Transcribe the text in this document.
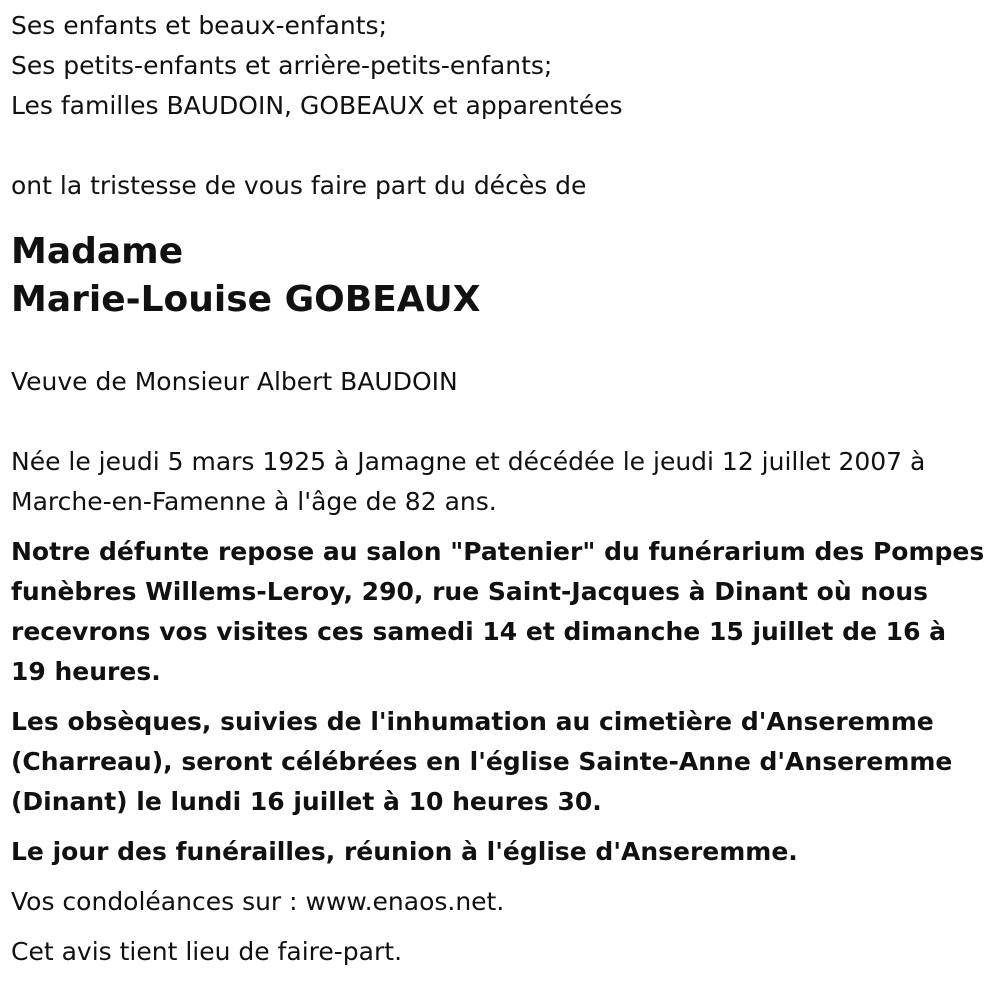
Ses enfants et beaux-enfants;

Ses petits-enfants et arrière-petits-enfants;

Les familles BAUDOIN, GOBEAUX et apparentées

ont la tristesse de vous faire part du décès de

Madame

Marie-Louise GOBEAUX

Veuve de Monsieur Albert BAUDOIN

Née le jeudi 5 mars 1925 à Jamagne et décédée le jeudi 12 juillet 2007 à Marche-en-Famenne à l'âge de 82 ans.

Notre défunte repose au salon "Patenier" du funérarium des Pompes funèbres Willems-Leroy, 290, rue Saint-Jacques à Dinant où nous recevrons vos visites ces samedi 14 et dimanche 15 juillet de 16 à 19 heures.

Les obsèques, suivies de l'inhumation au cimetière d'Anseremme (Charreau), seront célébrées en l'église Sainte-Anne d'Anseremme (Dinant) le lundi 16 juillet à 10 heures 30.

Le jour des funérailles, réunion à l'église d'Anseremme.

Vos condoléances sur : www.enaos.net.

Cet avis tient lieu de faire-part.
